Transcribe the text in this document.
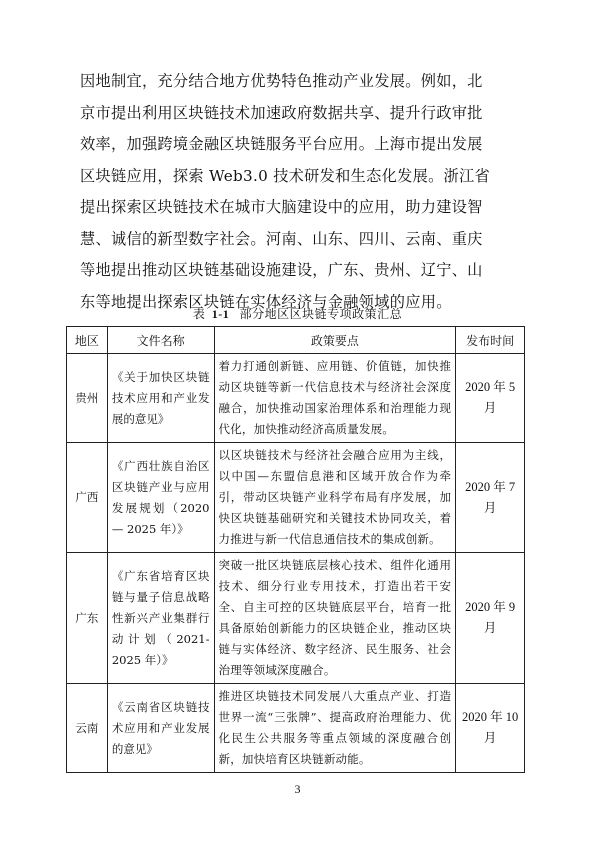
因地制宜，充分结合地方优势特色推动产业发展。例如，北

京市提出利用区块链技术加速政府数据共享、提升行政审批

效率，加强跨境金融区块链服务平台应用。上海市提出发展

区块链应用，探索 Web3.0 技术研发和生态化发展。浙江省

提出探索区块链技术在城市大脑建设中的应用，助力建设智

慧、诚信的新型数字社会。河南、山东、四川、云南、重庆

等地提出推动区块链基础设施建设，广东、贵州、辽宁、山

东等地提出探索区块链在实体经济与金融领域的应用。

表 1-1 部分地区区块链专项政策汇总
地区	文件名称	政策要点	发布时间
贵州	《关于加快区块链技术应用和产业发展的意见》	着力打通创新链、应用链、价值链，加快推动区块链等新一代信息技术与经济社会深度融合，加快推动国家治理体系和治理能力现代化，加快推动经济高质量发展。	2020 年 5 月
广西	《广西壮族自治区区块链产业与应用发展规划（2020 — 2025 年）》	以区块链技术与经济社会融合应用为主线，以中国—东盟信息港和区域开放合作为牵引，带动区块链产业科学布局有序发展，加快区块链基础研究和关键技术协同攻关，着力推进与新一代信息通信技术的集成创新。	2020 年 7 月
广东	《广东省培育区块链与量子信息战略性新兴产业集群行动计划（2021-2025 年）》	突破一批区块链底层核心技术、组件化通用技术、细分行业专用技术，打造出若干安全、自主可控的区块链底层平台，培育一批具备原始创新能力的区块链企业，推动区块链与实体经济、数字经济、民生服务、社会治理等领域深度融合。	2020 年 9 月
云南	《云南省区块链技术应用和产业发展的意见》	推进区块链技术同发展八大重点产业、打造世界一流“三张牌”、提高政府治理能力、优化民生公共服务等重点领域的深度融合创新，加快培育区块链新动能。	2020 年 10 月
3
